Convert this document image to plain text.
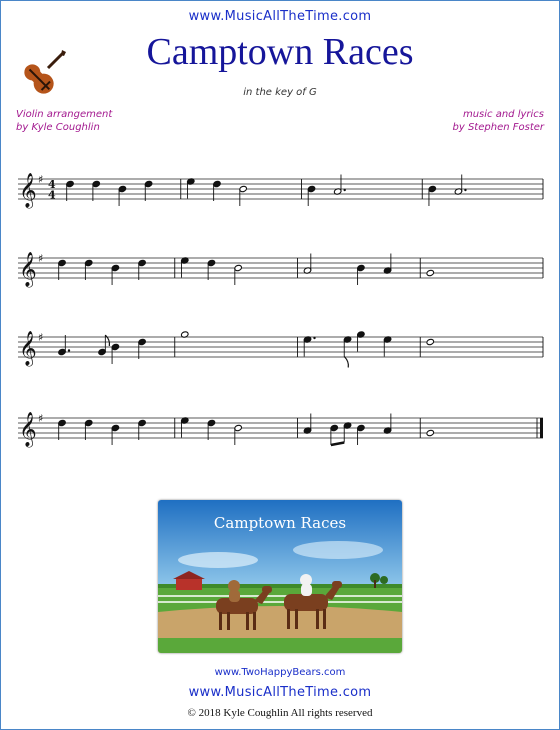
www.MusicAllTheTime.com
Camptown Races
in the key of G
Violin arrangement
by Kyle Coughlin
music and lyrics
by Stephen Foster
𝄞 ♯ 4
4
𝄞 ♯
𝄞 ♯
𝄞 ♯
Camptown Races
www.TwoHappyBears.com
www.MusicAllTheTime.com
© 2018 Kyle Coughlin All rights reserved
